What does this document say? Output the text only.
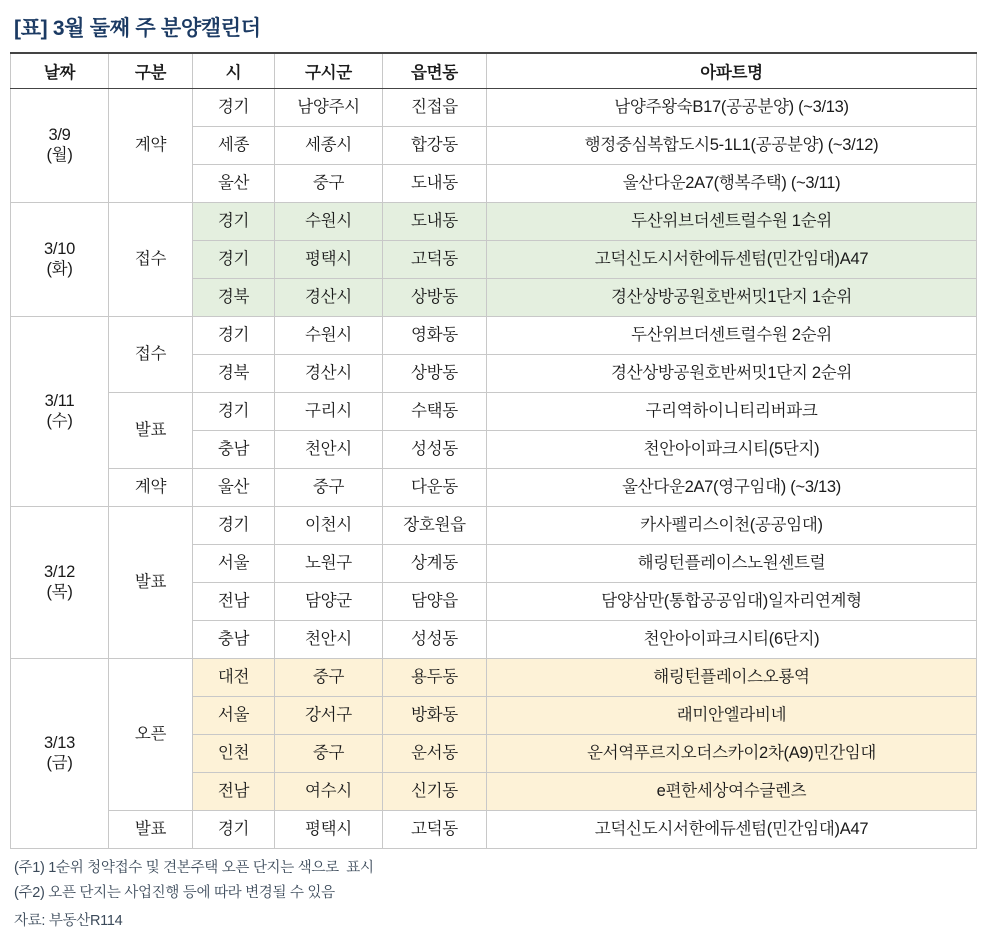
[표] 3월 둘째 주 분양캘린더
날짜	구분	시	구시군	읍면동	아파트명

3/9
(월)	계약	경기	남양주시	진접읍	남양주왕숙B17(공공분양) (~3/13)
		세종	세종시	합강동	행정중심복합도시5-1L1(공공분양) (~3/12)
		울산	중구	도내동	울산다운2A7(행복주택) (~3/11)

3/10
(화)	접수	경기	수원시	도내동	두산위브더센트럴수원 1순위
		경기	평택시	고덕동	고덕신도시서한에듀센텀(민간임대)A47
		경북	경산시	상방동	경산상방공원호반써밋1단지 1순위

3/11
(수)	접수	경기	수원시	영화동	두산위브더센트럴수원 2순위
		경북	경산시	상방동	경산상방공원호반써밋1단지 2순위
	발표	경기	구리시	수택동	구리역하이니티리버파크
		충남	천안시	성성동	천안아이파크시티(5단지)
	계약	울산	중구	다운동	울산다운2A7(영구임대) (~3/13)

3/12
(목)	발표	경기	이천시	장호원읍	카사펠리스이천(공공임대)
		서울	노원구	상계동	해링턴플레이스노원센트럴
		전남	담양군	담양읍	담양삼만(통합공공임대)일자리연계형
		충남	천안시	성성동	천안아이파크시티(6단지)

3/13
(금)	오픈	대전	중구	용두동	해링턴플레이스오룡역
		서울	강서구	방화동	래미안엘라비네
		인천	중구	운서동	운서역푸르지오더스카이2차(A9)민간임대
		전남	여수시	신기동	e편한세상여수글렌츠
	발표	경기	평택시	고덕동	고덕신도시서한에듀센텀(민간임대)A47
(주1) 1순위 청약접수 및 견본주택 오픈 단지는 색으로  표시
(주2) 오픈 단지는 사업진행 등에 따라 변경될 수 있음
자료: 부동산R114
